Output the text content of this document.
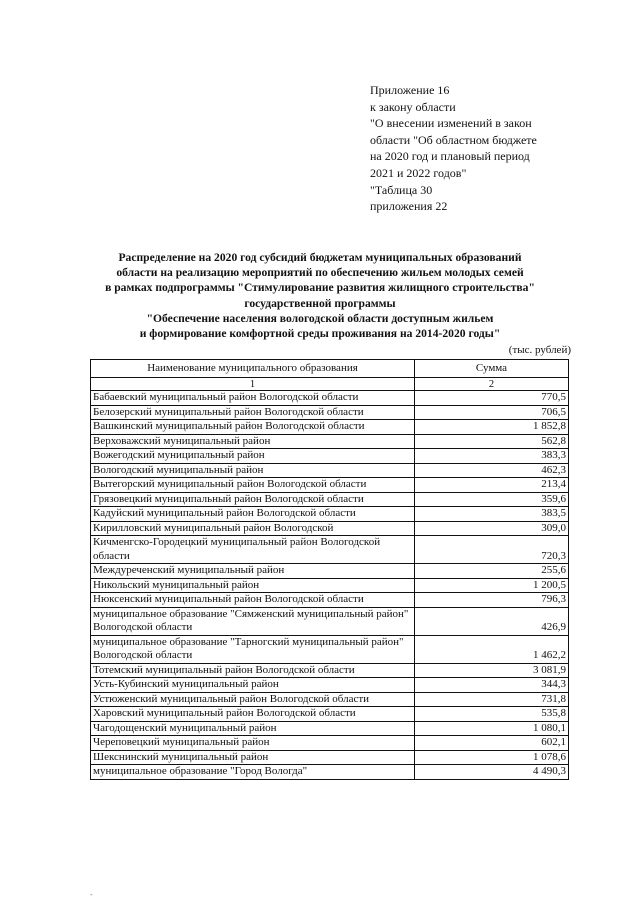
Приложение 16
к закону области
"О внесении изменений в закон
области "Об областном бюджете
на 2020 год и плановый период
2021 и 2022 годов"
"Таблица 30
приложения 22
Распределение на 2020 год субсидий бюджетам муниципальных образований
области на реализацию мероприятий по обеспечению жильем молодых семей
в рамках подпрограммы "Стимулирование развития жилищного строительства"
государственной программы
"Обеспечение населения вологодской области доступным жильем
и формирование комфортной среды проживания на 2014-2020 годы"
(тыс. рублей)
Наименование муниципального образования	Сумма
1	2
Бабаевский муниципальный район Вологодской области	770,5
Белозерский муниципальный район Вологодской области	706,5
Вашкинский муниципальный район Вологодской области	1 852,8
Верховажский муниципальный район	562,8
Вожегодский муниципальный район	383,3
Вологодский муниципальный район	462,3
Вытегорский муниципальный район Вологодской области	213,4
Грязовецкий муниципальный район Вологодской области	359,6
Кадуйский муниципальный район Вологодской области	383,5
Кирилловский муниципальный район Вологодской	309,0
Кичменгско-Городецкий муниципальный район Вологодской области	720,3
Междуреченский муниципальный район	255,6
Никольский муниципальный район	1 200,5
Нюксенский муниципальный район Вологодской области	796,3
муниципальное образование "Сямженский муниципальный район" Вологодской области	426,9
муниципальное образование "Тарногский муниципальный район" Вологодской области	1 462,2
Тотемский муниципальный район Вологодской области	3 081,9
Усть-Кубинский муниципальный район	344,3
Устюженский муниципальный район Вологодской области	731,8
Харовский муниципальный район Вологодской области	535,8
Чагодощенский муниципальный район	1 080,1
Череповецкий муниципальный район	602,1
Шекснинский муниципальный район	1 078,6
муниципальное образование "Город Вологда"	4 490,3
-
